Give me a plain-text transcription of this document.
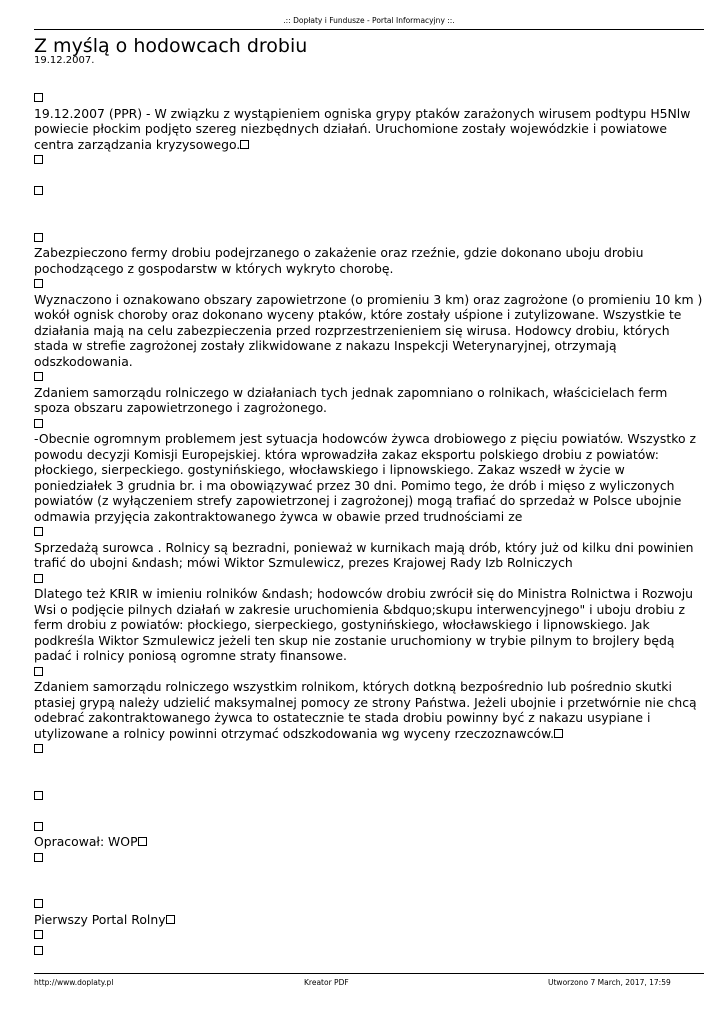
.:: Dopłaty i Fundusze - Portal Informacyjny ::.
Z myślą o hodowcach drobiu
19.12.2007.

19.12.2007 (PPR) - W związku z wystąpieniem ogniska grypy ptaków zarażonych wirusem podtypu H5Nlw powiecie płockim podjęto szereg niezbędnych działań. Uruchomione zostały wojewódzkie i powiatowe centra zarządzania kryzysowego.

Zabezpieczono fermy drobiu podejrzanego o zakażenie oraz rzeźnie, gdzie dokonano uboju drobiu pochodzącego z gospodarstw w których wykryto chorobę.

Wyznaczono i oznakowano obszary zapowietrzone (o promieniu 3 km) oraz zagrożone (o promieniu 10 km ) wokół ognisk choroby oraz dokonano wyceny ptaków, które zostały uśpione i zutylizowane. Wszystkie te działania mają na celu zabezpieczenia przed rozprzestrzenieniem się wirusa. Hodowcy drobiu, których stada w strefie zagrożonej zostały zlikwidowane z nakazu Inspekcji Weterynaryjnej, otrzymają odszkodowania.

Zdaniem samorządu rolniczego w działaniach tych jednak zapomniano o rolnikach, właścicielach ferm spoza obszaru zapowietrzonego i zagrożonego.

-Obecnie ogromnym problemem jest sytuacja hodowców żywca drobiowego z pięciu powiatów. Wszystko z powodu decyzji Komisji Europejskiej. która wprowadziła zakaz eksportu polskiego drobiu z powiatów: płockiego, sierpeckiego. gostynińskiego, włocławskiego i lipnowskiego. Zakaz wszedł w życie w poniedziałek 3 grudnia br. i ma obowiązywać przez 30 dni. Pomimo tego, że drób i mięso z wyliczonych powiatów (z wyłączeniem strefy zapowietrzonej i zagrożonej) mogą trafiać do sprzedaż w Polsce ubojnie odmawia przyjęcia zakontraktowanego żywca w obawie przed trudnościami ze

Sprzedażą surowca . Rolnicy są bezradni, ponieważ w kurnikach mają drób, który już od kilku dni powinien trafić do ubojni &ndash; mówi Wiktor Szmulewicz, prezes Krajowej Rady Izb Rolniczych

Dlatego też KRIR w imieniu rolników &ndash; hodowców drobiu zwrócił się do Ministra Rolnictwa i Rozwoju Wsi o podjęcie pilnych działań w zakresie uruchomienia &bdquo;skupu interwencyjnego" i uboju drobiu z ferm drobiu z powiatów: płockiego, sierpeckiego, gostynińskiego, włocławskiego i lipnowskiego. Jak podkreśla Wiktor Szmulewicz jeżeli ten skup nie zostanie uruchomiony w trybie pilnym to brojlery będą padać i rolnicy poniosą ogromne straty finansowe.

Zdaniem samorządu rolniczego wszystkim rolnikom, których dotkną bezpośrednio lub pośrednio skutki ptasiej grypą należy udzielić maksymalnej pomocy ze strony Państwa. Jeżeli ubojnie i przetwórnie nie chcą odebrać zakontraktowanego żywca to ostatecznie te stada drobiu powinny być z nakazu usypiane i utylizowane a rolnicy powinni otrzymać odszkodowania wg wyceny rzeczoznawców.

Opracował: WOP

Pierwszy Portal Rolny

http://www.doplaty.pl	Kreator PDF	Utworzono 7 March, 2017, 17:59
